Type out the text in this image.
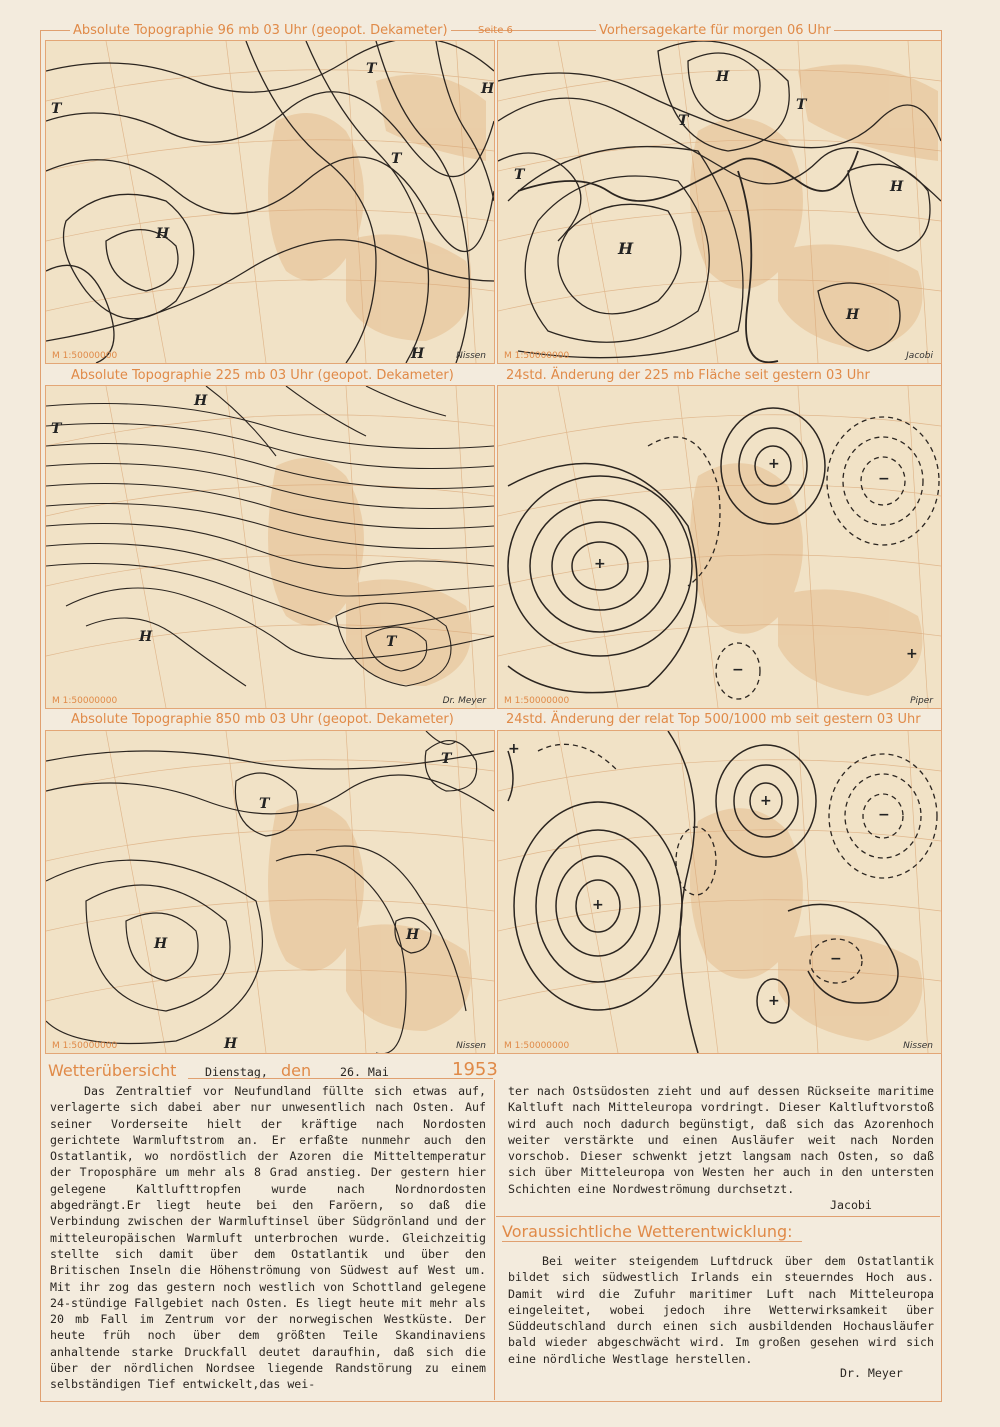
Absolute Topographie 96 mb 03 Uhr (geopot. Dekameter)	Seite 6	Vorhersagekarte für morgen 06 Uhr
Absolute Topographie 225 mb 03 Uhr (geopot. Dekameter)	24std. Änderung der 225 mb Fläche seit gestern 03 Uhr
Absolute Topographie 850 mb 03 Uhr (geopot. Dekameter)	24std. Änderung der relat Top 500/1000 mb seit gestern 03 Uhr
H
H
T
T
T
H
M 1:50000000	Nissen
H
H
H
H
T
T
T
M 1:50000000	Jacobi
H
H
T
T
M 1:50000000	Dr. Meyer
+
+
−
−
+
M 1:50000000	Piper
H
T
T
H
H
M 1:50000000	Nissen
+
+
+
−
−
+
M 1:50000000	Nissen
Wetterübersicht Dienstag, den 26. Mai	1953
Das Zentraltief vor Neufundland füllte sich etwas auf, verlagerte sich dabei aber nur unwesentlich nach Osten. Auf seiner Vorderseite hielt der kräftige nach Nordosten gerichtete Warmluftstrom an. Er erfaßte nunmehr auch den Ostatlantik, wo nordöstlich der Azoren die Mitteltemperatur der Troposphäre um mehr als 8 Grad anstieg. Der gestern hier gelegene Kaltlufttropfen wurde nach Nordnordosten abgedrängt.Er liegt heute bei den Faröern, so daß die Verbindung zwischen der Warmluftinsel über Südgrönland und der mitteleuropäischen Warmluft unterbrochen wurde. Gleichzeitig stellte sich damit über dem Ostatlantik und über den Britischen Inseln die Höhenströmung von Südwest auf West um. Mit ihr zog das gestern noch westlich von Schottland gelegene 24-stündige Fallgebiet nach Osten. Es liegt heute mit mehr als 20 mb Fall im Zentrum vor der norwegischen Westküste. Der heute früh noch über dem größten Teile Skandinaviens anhaltende starke Druckfall deutet daraufhin, daß sich die über der nördlichen Nordsee liegende Randstörung zu einem selbständigen Tief entwickelt,das wei-
ter nach Ostsüdosten zieht und auf dessen Rückseite maritime Kaltluft nach Mitteleuropa vordringt. Dieser Kaltluftvorstoß wird auch noch dadurch begünstigt, daß sich das Azorenhoch weiter verstärkte und einen Ausläufer weit nach Norden vorschob. Dieser schwenkt jetzt langsam nach Osten, so daß sich über Mitteleuropa von Westen her auch in den untersten Schichten eine Nordweströmung durchsetzt.
Jacobi
Voraussichtliche Wetterentwicklung:
Bei weiter steigendem Luftdruck über dem Ostatlantik bildet sich südwestlich Irlands ein steuerndes Hoch aus. Damit wird die Zufuhr maritimer Luft nach Mitteleuropa eingeleitet, wobei jedoch ihre Wetterwirksamkeit über Süddeutschland durch einen sich ausbildenden Hochausläufer bald wieder abgeschwächt wird. Im großen gesehen wird sich eine nördliche Westlage herstellen.
Dr. Meyer
